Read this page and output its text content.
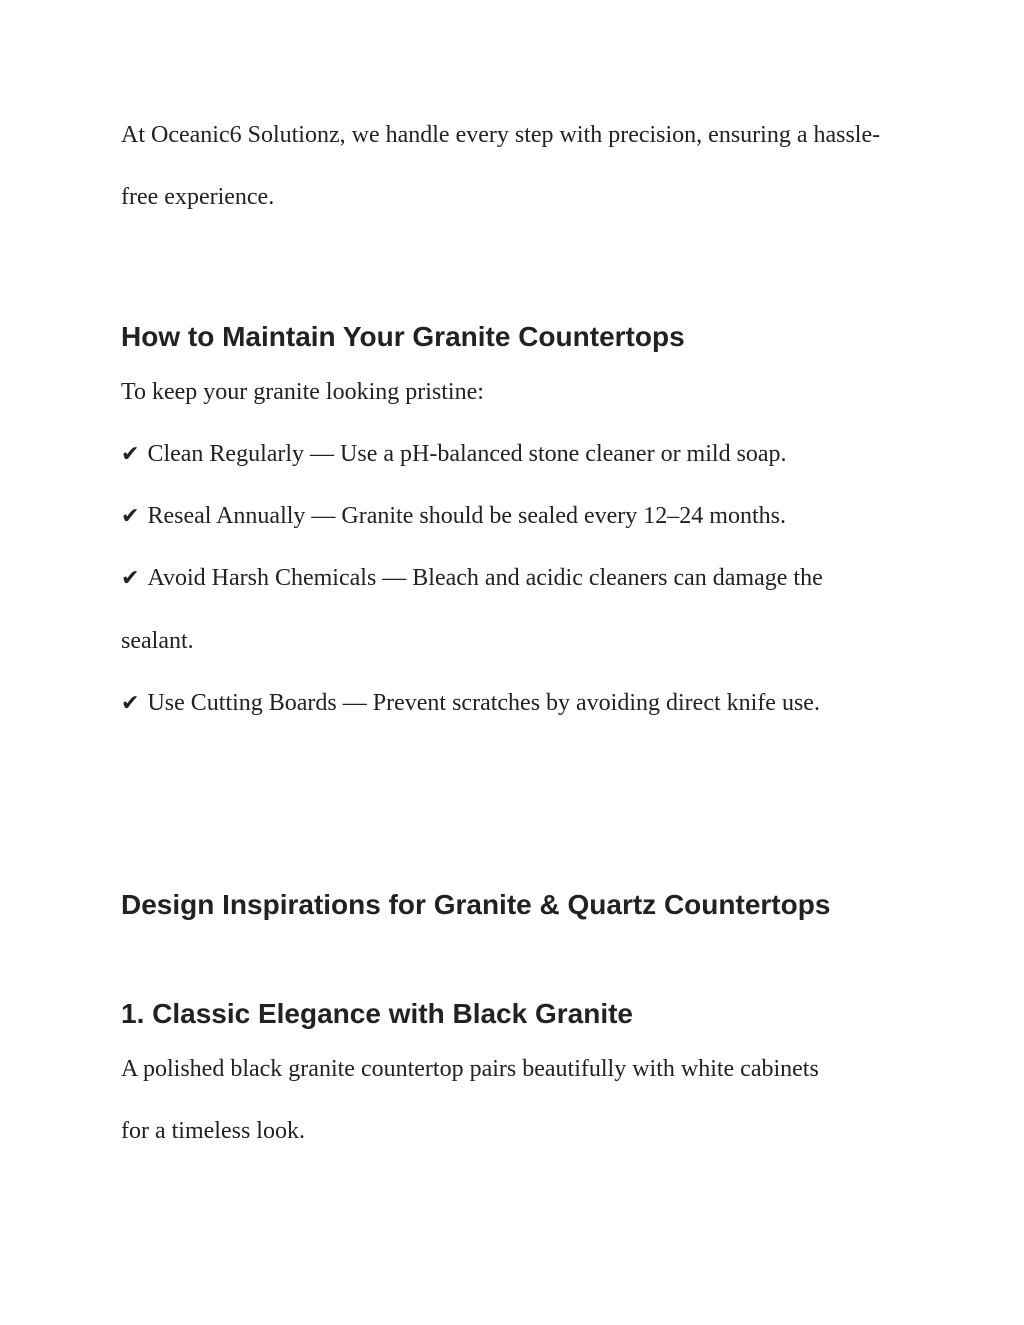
At Oceanic6 Solutionz, we handle every step with precision, ensuring a hassle-free experience.

How to Maintain Your Granite Countertops

To keep your granite looking pristine:

✔ Clean Regularly — Use a pH-balanced stone cleaner or mild soap.

✔ Reseal Annually — Granite should be sealed every 12–24 months.

✔ Avoid Harsh Chemicals — Bleach and acidic cleaners can damage the sealant.

✔ Use Cutting Boards — Prevent scratches by avoiding direct knife use.

Design Inspirations for Granite & Quartz Countertops
1. Classic Elegance with Black Granite

A polished black granite countertop pairs beautifully with white cabinets for a timeless look.
